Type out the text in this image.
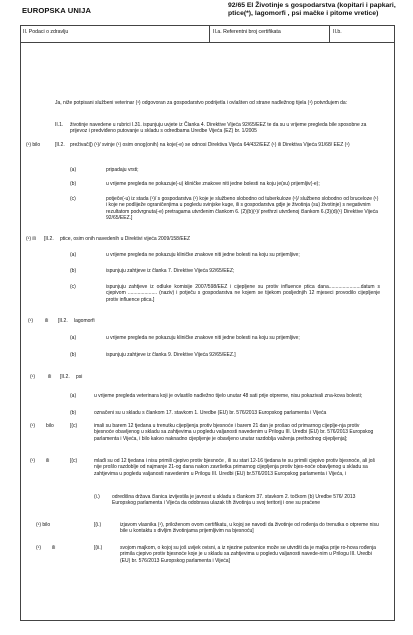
EUROPSKA UNIJA
92/65 EI Životinje s gospodarstva (kopitari i papkari, ptice(*), lagomorfi , psi mačke i pitome vretice)
II. Podaci o zdravlju	II.a. Referentni broj certifikata	II.b.
Ja, niže potpisani službeni veterinar (¹) odgovoran za gospodarstvo podrijetla i ovlašten od strane nadležnog tijela (¹) potvrđujem da:
II.1. životinje navedene u rubrici I.31. ispunjuju uvjete iz Članka 4. Direktive Vijeća 92/65/EEZ te da su u vrijeme pregleda bile sposobne za prijevoz i predviđeno putovanje u skladu s odredbama Uredbe Vijeća (EZ) br. 1/2005
(¹) bilo	[II.2. preživači]) (¹)/ svinje (¹) osim onog(onih) na koje(-e) se odnosi Direktiva Vijeća 64/432/EEZ (¹) ili Direktiva Vijeća 91/68/ EEZ (¹)
(a)	pripadaju vrsti;
(b)	u vrijeme pregleda ne pokazuje(-u) kliničke znakove niti jedne bolesti na koju je(su) prijemljiv(-e);
(c)	potječe(-u) iz stada (¹)/ s gospodarstva (¹) koje je službeno slobodno od tuberkuloze (¹)/ službeno slobodno od bruceloze (¹) i koje ne podliježe ograničenjima u pogledu svinjske kuge, ili s gospodarstva gdje je životinja (su) životinje) s negativnim rezultatom podvrgnuta(-e) pretragama utvrđenim člankom 6. (2)(b)(¹)/ prethrzi utvrđenoj člankom 6.(3)(d)(¹) Direktive Vijeća 92/65/EEZ.]
(¹) ili [II.2. ptice, osim onih navedenih u Direktivi vijeća 2009/158/EEZ
(a)	u vrijeme pregleda ne pokazuju kliničke znakove niti jedne bolesti na koju su prijemljive;
(b)	ispunjuju zahtjeve iz članka 7. Direktive Vijeća 92/65/EEZ;
(c)	ispunjuju zahtjeve iz odluke komisije 2007/598/EEZ i cijepljene su protiv influence ptica dana.......................datum s cjepivom ..................... (naziv) i potječu s gospodarstva ne kojem se tijekom posljednjih 12 mjeseci provodilo cijepljenje protiv influence ptica.]
(¹) ili [II.2. lagomorfi
(a)	u vrijeme pregleda ne pokazuju kliničke znakove niti jedne bolesti na koju su prijemljive;
(b)	ispunjuju zahtjeve iz članka 9. Direktive Vijeća 92/65/EEZ.]
(¹)	ili [II.2. psi
(a)	u vrijeme pregleda veterinara koji je ovlastilo nadležno tijelo unutar 48 sati prije otpreme, nisu pokazivali zna-kova bolesti;
(b)	označeni su u skladu s člankom 17. stavkom 1. Uredbe (EU) br. 576/2013 Europskog parlamenta i Vijeća
(¹) bilo	[(c)	imali su barem 12 tjedana u trenutku cijepljenja protiv bjesnoće i barem 21 dan je prošao od primarnog cijeplje-nja protiv bjesnoće obavljenog u skladu sa zahtjevima u pogledu valjanosti navedenim u Prilogu III. Uredbi (EU) br. 576/2013 Europskog parlamenta i Vijeća, i bilo kakvo naknadno cijepljenje je obavljeno unutar razdoblja važenja prethodnog cijepljenja];
(¹) ili	[(c)	mlađi su od 12 tjedana i nisu primili cjepivo protiv bjesnoće , ili su stari 12-16 tjedana te su primili cjepivo protiv bjesnoće, ali još nije prošlo razdoblje od najmanje 21-og dana nakon završetka primarnog cijepljenja protiv bjes-noće obavljenog u skladu sa zahtjevima u pogledu valjanosti navedenim u Prilogu III. Uredbi (EU) br.576/2013 Europskog parlamenta i Vijeća, i
(i.) odredišna država članica izvijestila je javnost u skladu s člankom 37. stavkom 2. točkom (b) Uredbe 576/ 2013 Europskog parlamenta i Vijeća da odobrava ulazak tih životinja u svoj teritorij i one su praćene
(¹) bilo	[(i.)	izjavom vlasnika (¹), priloženom ovom certifikatu, u kojoj se navodi da životinje od rođenja do trenutka o otpreme nisu bile u kontaktu s divljim životinjama prijemljivim na bjesnoću]
(¹) ili	[(ii.)	svojom majkom, o kojoj su još uvijek ovisni, a iz njezine putovnice može se utvrditi da je majka prije ro-hova rođenja primila cjepivo protiv bjesnoće koje je u skladu sa zahtjevima u pogledu valjanosti navede-nim u Prilogu III. Uredbi (EU) br. 576/2013 Europskog parlamenta i Vijeća]
